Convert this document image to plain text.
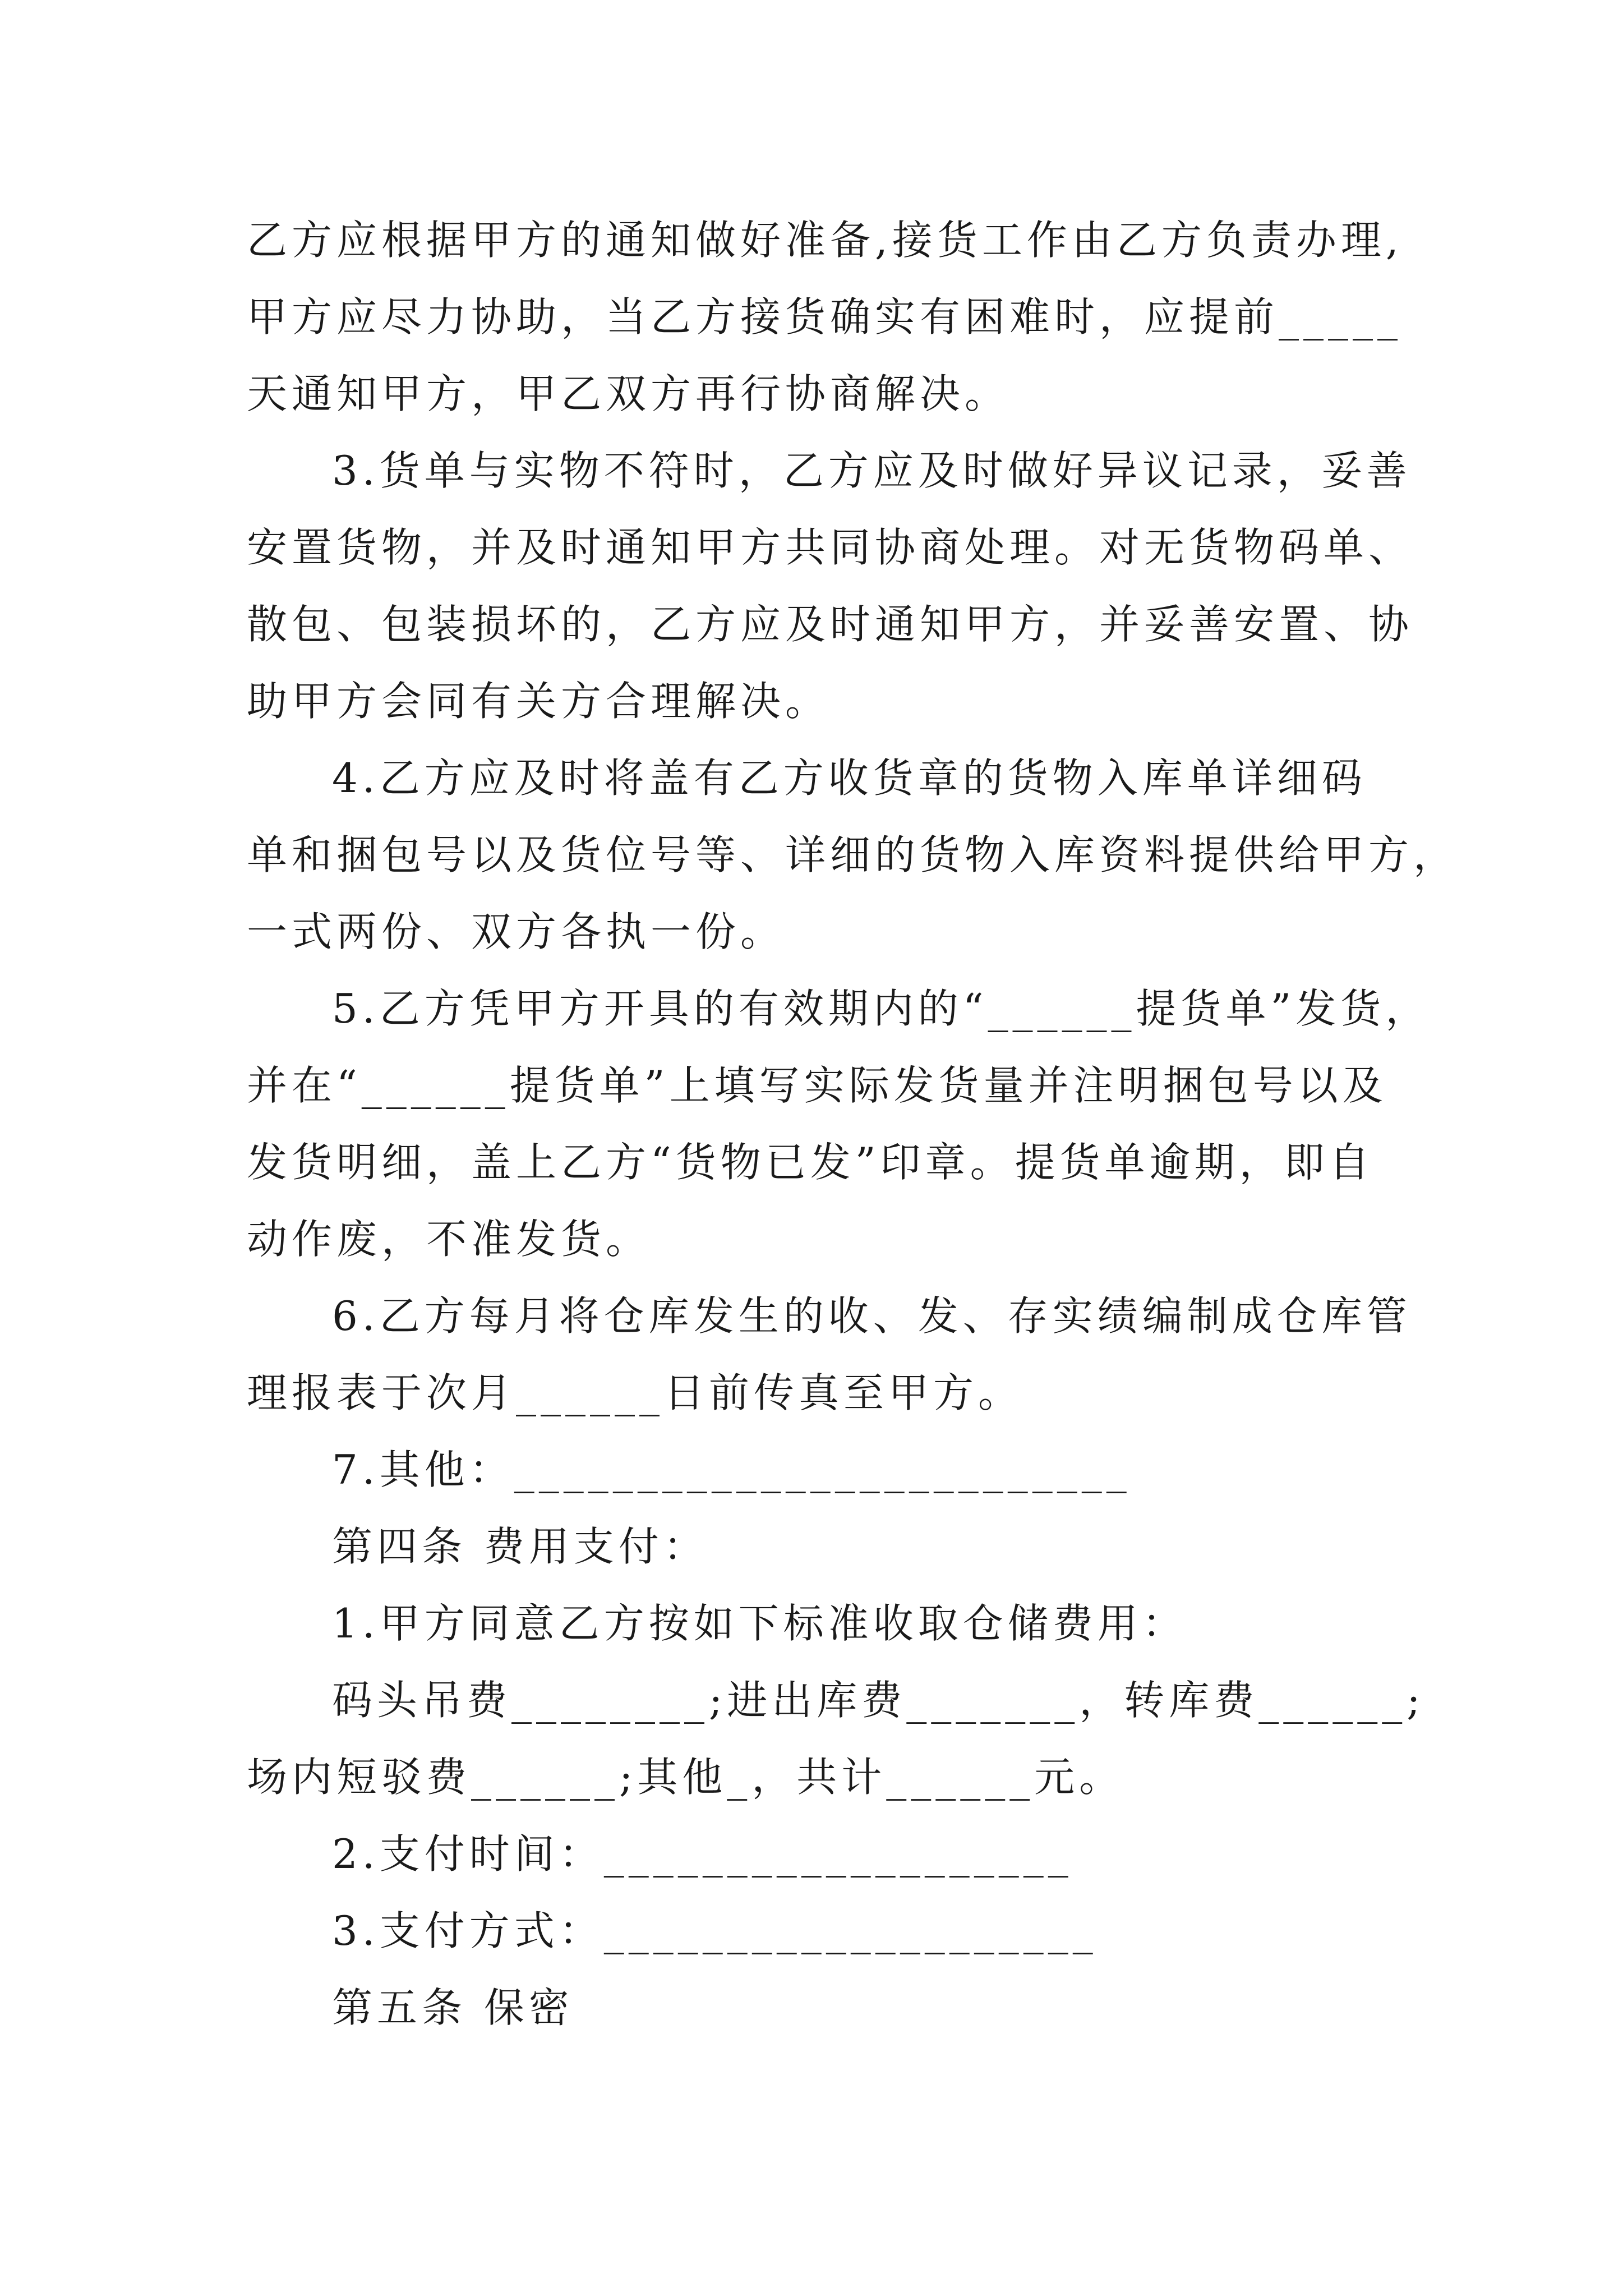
乙方应根据甲方的通知做好准备,接货工作由乙方负责办理,
甲方应尽力协助，当乙方接货确实有困难时，应提前_____
天通知甲方，甲乙双方再行协商解决。
3.货单与实物不符时，乙方应及时做好异议记录，妥善
安置货物，并及时通知甲方共同协商处理。对无货物码单、
散包、包装损坏的，乙方应及时通知甲方，并妥善安置、协
助甲方会同有关方合理解决。
4.乙方应及时将盖有乙方收货章的货物入库单详细码
单和捆包号以及货位号等、详细的货物入库资料提供给甲方，
一式两份、双方各执一份。
5.乙方凭甲方开具的有效期内的“______提货单”发货，
并在“______提货单”上填写实际发货量并注明捆包号以及
发货明细，盖上乙方“货物已发”印章。提货单逾期，即自
动作废，不准发货。
6.乙方每月将仓库发生的收、发、存实绩编制成仓库管
理报表于次月______日前传真至甲方。
7.其他：_________________________
第四条 费用支付：
1.甲方同意乙方按如下标准收取仓储费用：
码头吊费________;进出库费_______，转库费______;
场内短驳费______;其他_，共计______元。
2.支付时间：___________________
3.支付方式：____________________
第五条 保密
